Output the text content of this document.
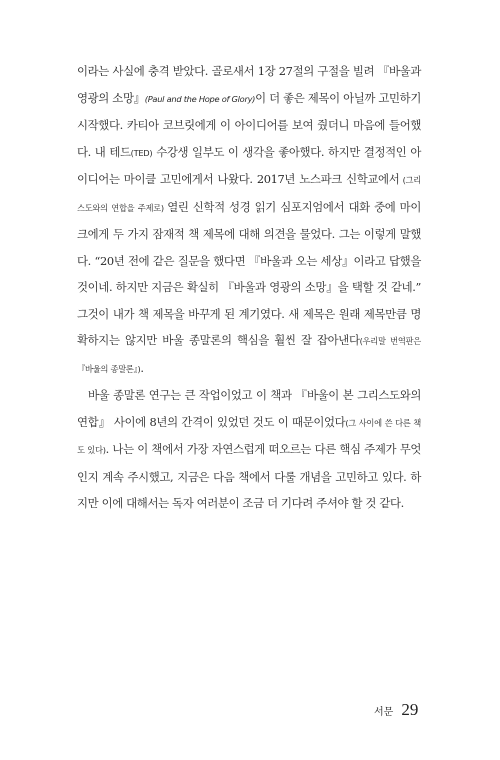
이라는 사실에 충격 받았다. 골로새서 1장 27절의 구절을 빌려 『바울과 영광의 소망』(Paul and the Hope of Glory)이 더 좋은 제목이 아닐까 고민하기 시작했다. 카티아 코브릿에게 이 아이디어를 보여 줬더니 마음에 들어했다. 내 테드(TED) 수강생 일부도 이 생각을 좋아했다. 하지만 결정적인 아이디어는 마이클 고민에게서 나왔다. 2017년 노스파크 신학교에서 (그리스도와의 연합을 주제로) 열린 신학적 성경 읽기 심포지엄에서 대화 중에 마이크에게 두 가지 잠재적 책 제목에 대해 의견을 물었다. 그는 이렇게 말했다. “20년 전에 같은 질문을 했다면 『바울과 오는 세상』이라고 답했을 것이네. 하지만 지금은 확실히 『바울과 영광의 소망』을 택할 것 같네.” 그것이 내가 책 제목을 바꾸게 된 계기였다. 새 제목은 원래 제목만큼 명확하지는 않지만 바울 종말론의 핵심을 훨씬 잘 잡아낸다(우리말 번역판은 『바울의 종말론』).

바울 종말론 연구는 큰 작업이었고 이 책과 『바울이 본 그리스도와의 연합』 사이에 8년의 간격이 있었던 것도 이 때문이었다(그 사이에 쓴 다른 책도 있다). 나는 이 책에서 가장 자연스럽게 떠오르는 다른 핵심 주제가 무엇인지 계속 주시했고, 지금은 다음 책에서 다룰 개념을 고민하고 있다. 하지만 이에 대해서는 독자 여러분이 조금 더 기다려 주셔야 할 것 같다.

서문 29
